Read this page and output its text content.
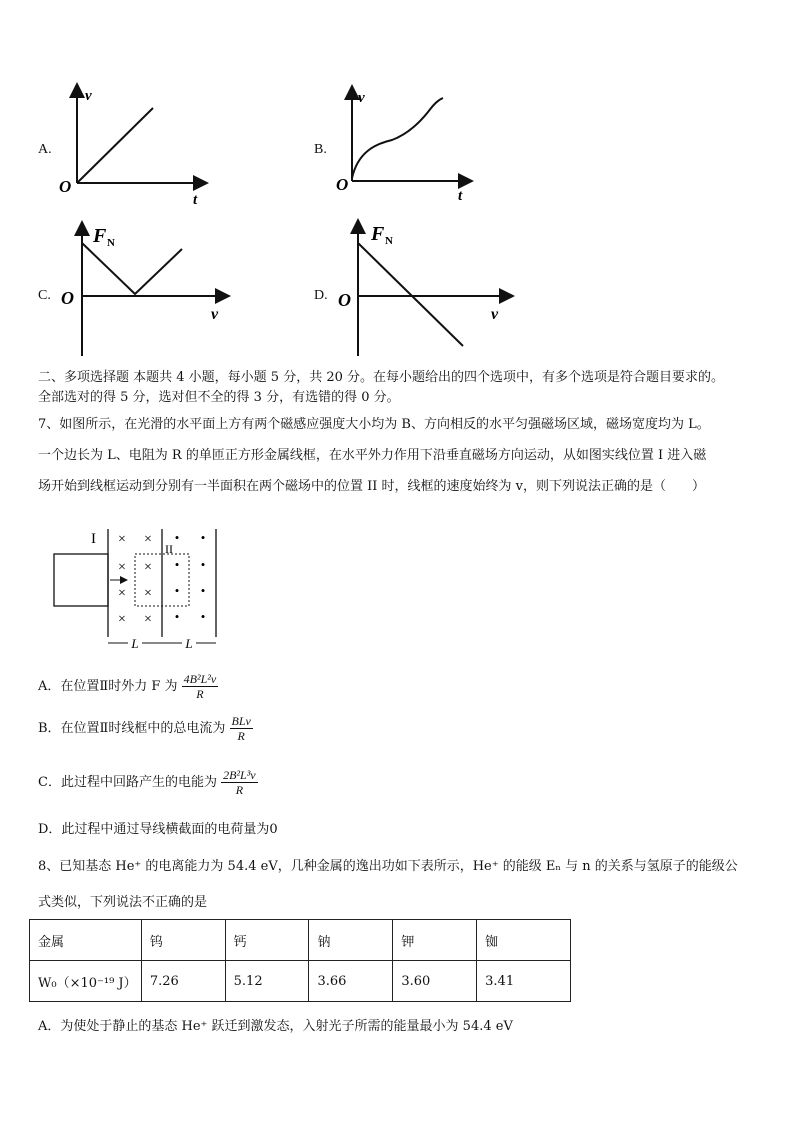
A.
v
O
t
B.
v
O
t
C.
F N
O
v
D.
F N
O
v
二、多项选择题 本题共 4 小题，每小题 5 分，共 20 分。在每小题给出的四个选项中，有多个选项是符合题目要求的。
全部选对的得 5 分，选对但不全的得 3 分，有选错的得 0 分。
7、如图所示，在光滑的水平面上方有两个磁感应强度大小均为 B、方向相反的水平匀强磁场区域，磁场宽度均为 L。
一个边长为 L、电阻为 R 的单匝正方形金属线框，在水平外力作用下沿垂直磁场方向运动，从如图实线位置 I 进入磁
场开始到线框运动到分别有一半面积在两个磁场中的位置 II 时，线框的速度始终为 v，则下列说法正确的是（　　）
I
II
× ×
× ×
× ×
× ×
• •
• •
• •
• •
L	L
A．在位置Ⅱ时外力 F 为 $\frac{\text{4B²L²v}}{R}$
B．在位置Ⅱ时线框中的总电流为 $\frac{\text{BLv}}{R}$
C．此过程中回路产生的电能为 $\frac{\text{2B²L³v}}{R}$
D．此过程中通过导线横截面的电荷量为0
8、已知基态 He⁺ 的电离能力为 54.4 eV，几种金属的逸出功如下表所示，He⁺ 的能级 Eₙ 与 n 的关系与氢原子的能级公
式类似，下列说法不正确的是
金属	钨	钙	钠	钾	铷
W₀（×10⁻¹⁹ J）	7.26	5.12	3.66	3.60	3.41
A．为使处于静止的基态 He⁺ 跃迁到激发态，入射光子所需的能量最小为 54.4 eV
